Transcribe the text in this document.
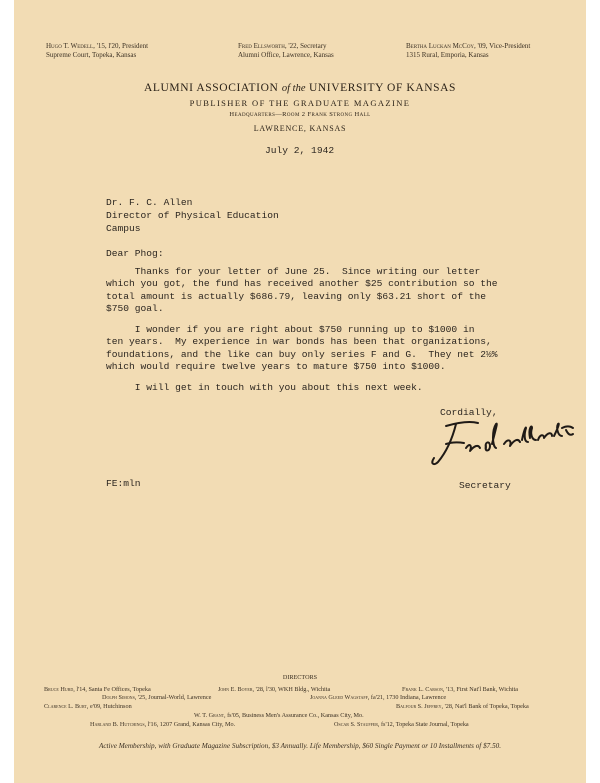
Hugo T. Wedell, '15, l'20, President
Supreme Court, Topeka, Kansas
Fred Ellsworth, '22, Secretary
Alumni Office, Lawrence, Kansas
Bertha Luckan McCoy, '09, Vice-President
1315 Rural, Emporia, Kansas
ALUMNI ASSOCIATION of the UNIVERSITY OF KANSAS
PUBLISHER OF THE GRADUATE MAGAZINE
Headquarters—Room 2 Frank Strong Hall
LAWRENCE, KANSAS
July 2, 1942
Dr. F. C. Allen
Director of Physical Education
Campus
Dear Phog:
Thanks for your letter of June 25.  Since writing our letter
which you got, the fund has received another $25 contribution so the
total amount is actually $686.79, leaving only $63.21 short of the
$750 goal.
I wonder if you are right about $750 running up to $1000 in
ten years.  My experience in war bonds has been that organizations,
foundations, and the like can buy only series F and G.  They net 2½%
which would require twelve years to mature $750 into $1000.
I will get in touch with you about this next week.
Cordially,
Secretary
FE:mln
DIRECTORS
Bruce Hurd, l'14, Santa Fe Offices, Topeka	John E. Boyer, '28, l'30, WKH Bldg., Wichita	Frank L. Carson, '13, First Nat'l Bank, Wichita
Dolph Simons, '25, Journal-World, Lawrence	Joanna Gleed Wagstaff, fa'21, 1730 Indiana, Lawrence
Clarence L. Burt, e'09, Hutchinson	Balfour S. Jeffrey, '28, Nat'l Bank of Topeka, Topeka
W. T. Grant, fs'05, Business Men's Assurance Co., Kansas City, Mo.
Harland B. Hutchings, l'16, 1207 Grand, Kansas City, Mo.	Oscar S. Stauffer, fs'12, Topeka State Journal, Topeka
Active Membership, with Graduate Magazine Subscription, $3 Annually. Life Membership, $60 Single Payment or 10 Installments of $7.50.
